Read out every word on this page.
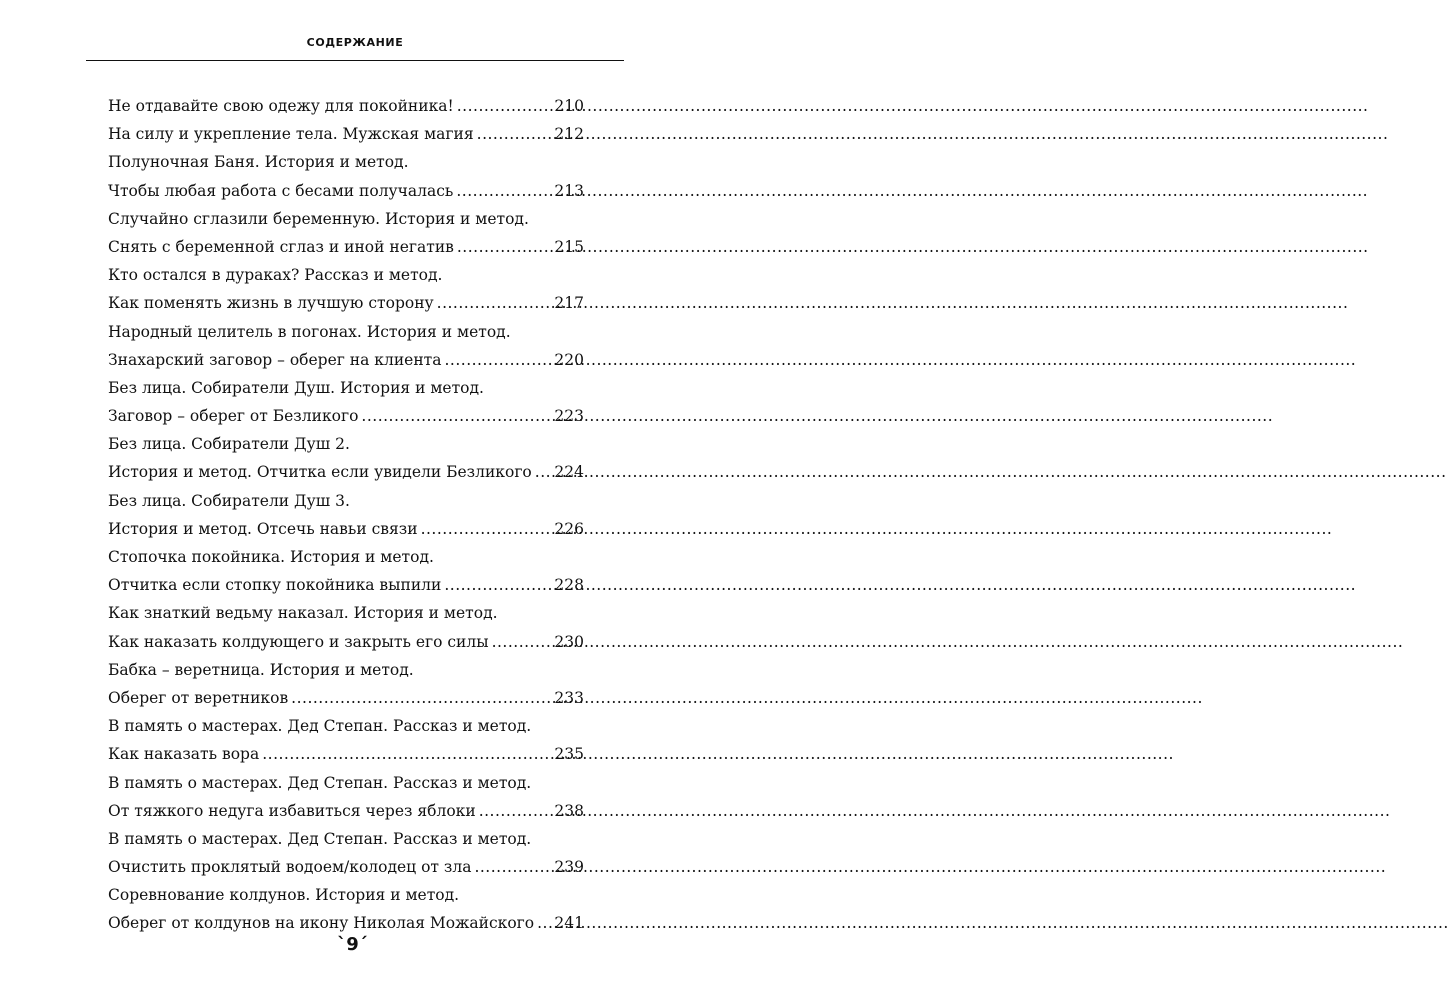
СОДЕРЖАНИЕ
Не отдавайте свою одежу для покойника! .....	210
На силу и укрепление тела. Мужская магия .....	212
Полуночная Баня. История и метод.
Чтобы любая работа с бесами получалась .....	213
Случайно сглазили беременную. История и метод.
Снять с беременной сглаз и иной негатив .....	215
Кто остался в дураках? Рассказ и метод.
Как поменять жизнь в лучшую сторону .....	217
Народный целитель в погонах. История и метод.
Знахарский заговор – оберег на клиента .....	220
Без лица. Собиратели Душ. История и метод.
Заговор – оберег от Безликого .....	223
Без лица. Собиратели Душ 2.
История и метод. Отчитка если увидели Безликого ..... 224
Без лица. Собиратели Душ 3.
История и метод. Отсечь навьи связи .....	226
Стопочка покойника. История и метод.
Отчитка если стопку покойника выпили .....	228
Как знаткий ведьму наказал. История и метод.
Как наказать колдующего и закрыть его силы .....	230
Бабка – веретница. История и метод.
Оберег от веретников .....	233
В память о мастерах. Дед Степан. Рассказ и метод.
Как наказать вора .....	235
В память о мастерах. Дед Степан. Рассказ и метод.
От тяжкого недуга избавиться через яблоки .....	238
В память о мастерах. Дед Степан. Рассказ и метод.
Очистить проклятый водоем/колодец от зла .....	239
Соревнование колдунов. История и метод.
Оберег от колдунов на икону Николая Можайского ..... 241
`9´
